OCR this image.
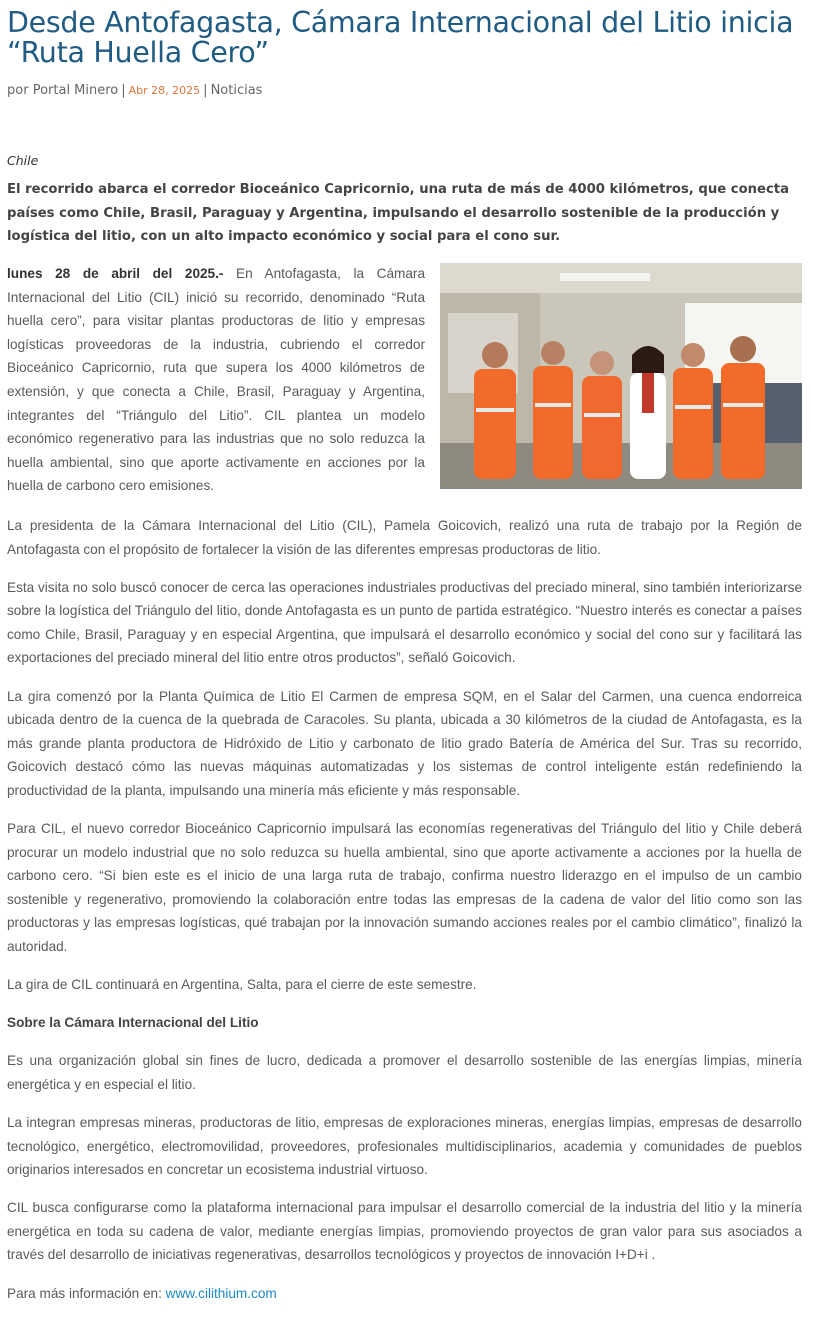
Desde Antofagasta, Cámara Internacional del Litio inicia “Ruta Huella Cero”
por Portal Minero | Abr 28, 2025 | Noticias
Chile
El recorrido abarca el corredor Bioceánico Capricornio, una ruta de más de 4000 kilómetros, que conecta países como Chile, Brasil, Paraguay y Argentina, impulsando el desarrollo sostenible de la producción y logística del litio, con un alto impacto económico y social para el cono sur.
lunes 28 de abril del 2025.- En Antofagasta, la Cámara Internacional del Litio (CIL) inició su recorrido, denominado “Ruta huella cero”, para visitar plantas productoras de litio y empresas logísticas proveedoras de la industria, cubriendo el corredor Bioceánico Capricornio, ruta que supera los 4000 kilómetros de extensión, y que conecta a Chile, Brasil, Paraguay y Argentina, integrantes del “Triángulo del Litio”. CIL plantea un modelo económico regenerativo para las industrias que no solo reduzca la huella ambiental, sino que aporte activamente en acciones por la huella de carbono cero emisiones.

La presidenta de la Cámara Internacional del Litio (CIL), Pamela Goicovich, realizó una ruta de trabajo por la Región de Antofagasta con el propósito de fortalecer la visión de las diferentes empresas productoras de litio.

Esta visita no solo buscó conocer de cerca las operaciones industriales productivas del preciado mineral, sino también interiorizarse sobre la logística del Triángulo del litio, donde Antofagasta es un punto de partida estratégico. “Nuestro interés es conectar a países como Chile, Brasil, Paraguay y en especial Argentina, que impulsará el desarrollo económico y social del cono sur y facilitará las exportaciones del preciado mineral del litio entre otros productos”, señaló Goicovich.

La gira comenzó por la Planta Química de Litio El Carmen de empresa SQM, en el Salar del Carmen, una cuenca endorreica ubicada dentro de la cuenca de la quebrada de Caracoles. Su planta, ubicada a 30 kilómetros de la ciudad de Antofagasta, es la más grande planta productora de Hidróxido de Litio y carbonato de litio grado Batería de América del Sur. Tras su recorrido, Goicovich destacó cómo las nuevas máquinas automatizadas y los sistemas de control inteligente están redefiniendo la productividad de la planta, impulsando una minería más eficiente y más responsable.

Para CIL, el nuevo corredor Bioceánico Capricornio impulsará las economías regenerativas del Triángulo del litio y Chile deberá procurar un modelo industrial que no solo reduzca su huella ambiental, sino que aporte activamente a acciones por la huella de carbono cero. “Si bien este es el inicio de una larga ruta de trabajo, confirma nuestro liderazgo en el impulso de un cambio sostenible y regenerativo, promoviendo la colaboración entre todas las empresas de la cadena de valor del litio como son las productoras y las empresas logísticas, qué trabajan por la innovación sumando acciones reales por el cambio climático”, finalizó la autoridad.

La gira de CIL continuará en Argentina, Salta, para el cierre de este semestre.

Sobre la Cámara Internacional del Litio

Es una organización global sin fines de lucro, dedicada a promover el desarrollo sostenible de las energías limpias, minería energética y en especial el litio.

La integran empresas mineras, productoras de litio, empresas de exploraciones mineras, energías limpias, empresas de desarrollo tecnológico, energético, electromovilidad, proveedores, profesionales multidisciplinarios, academia y comunidades de pueblos originarios interesados en concretar un ecosistema industrial virtuoso.

CIL busca configurarse como la plataforma internacional para impulsar el desarrollo comercial de la industria del litio y la minería energética en toda su cadena de valor, mediante energías limpias, promoviendo proyectos de gran valor para sus asociados a través del desarrollo de iniciativas regenerativas, desarrollos tecnológicos y proyectos de innovación I+D+i .

Para más información en: www.cilithium.com
